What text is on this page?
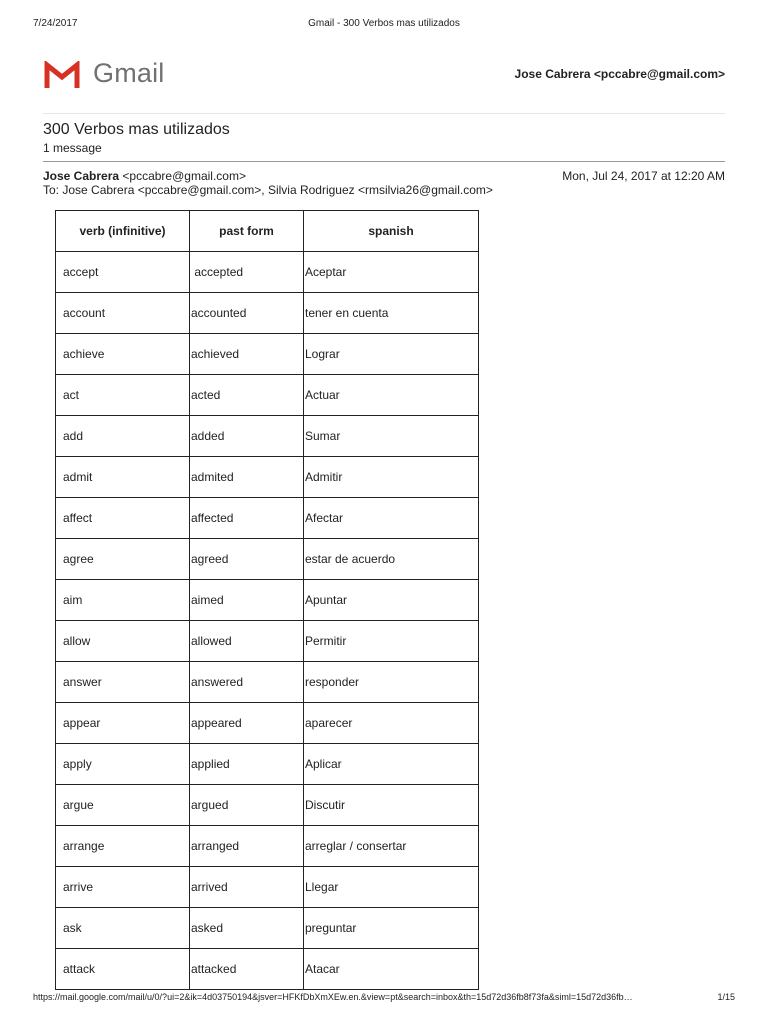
7/24/2017	Gmail - 300 Verbos mas utilizados
Gmail	Jose Cabrera <pccabre@gmail.com>
300 Verbos mas utilizados
1 message
Jose Cabrera <pccabre@gmail.com>	Mon, Jul 24, 2017 at 12:20 AM
To: Jose Cabrera <pccabre@gmail.com>, Silvia Rodriguez <rmsilvia26@gmail.com>
verb (infinitive)	past form	spanish
accept	accepted	Aceptar
account	accounted	tener en cuenta
achieve	achieved	Lograr
act	acted	Actuar
add	added	Sumar
admit	admited	Admitir
affect	affected	Afectar
agree	agreed	estar de acuerdo
aim	aimed	Apuntar
allow	allowed	Permitir
answer	answered	responder
appear	appeared	aparecer
apply	applied	Aplicar
argue	argued	Discutir
arrange	arranged	arreglar / consertar
arrive	arrived	Llegar
ask	asked	preguntar
attack	attacked	Atacar
https://mail.google.com/mail/u/0/?ui=2&ik=4d03750194&jsver=HFKfDbXmXEw.en.&view=pt&search=inbox&th=15d72d36fb8f73fa&siml=15d72d36fb…	1/15
